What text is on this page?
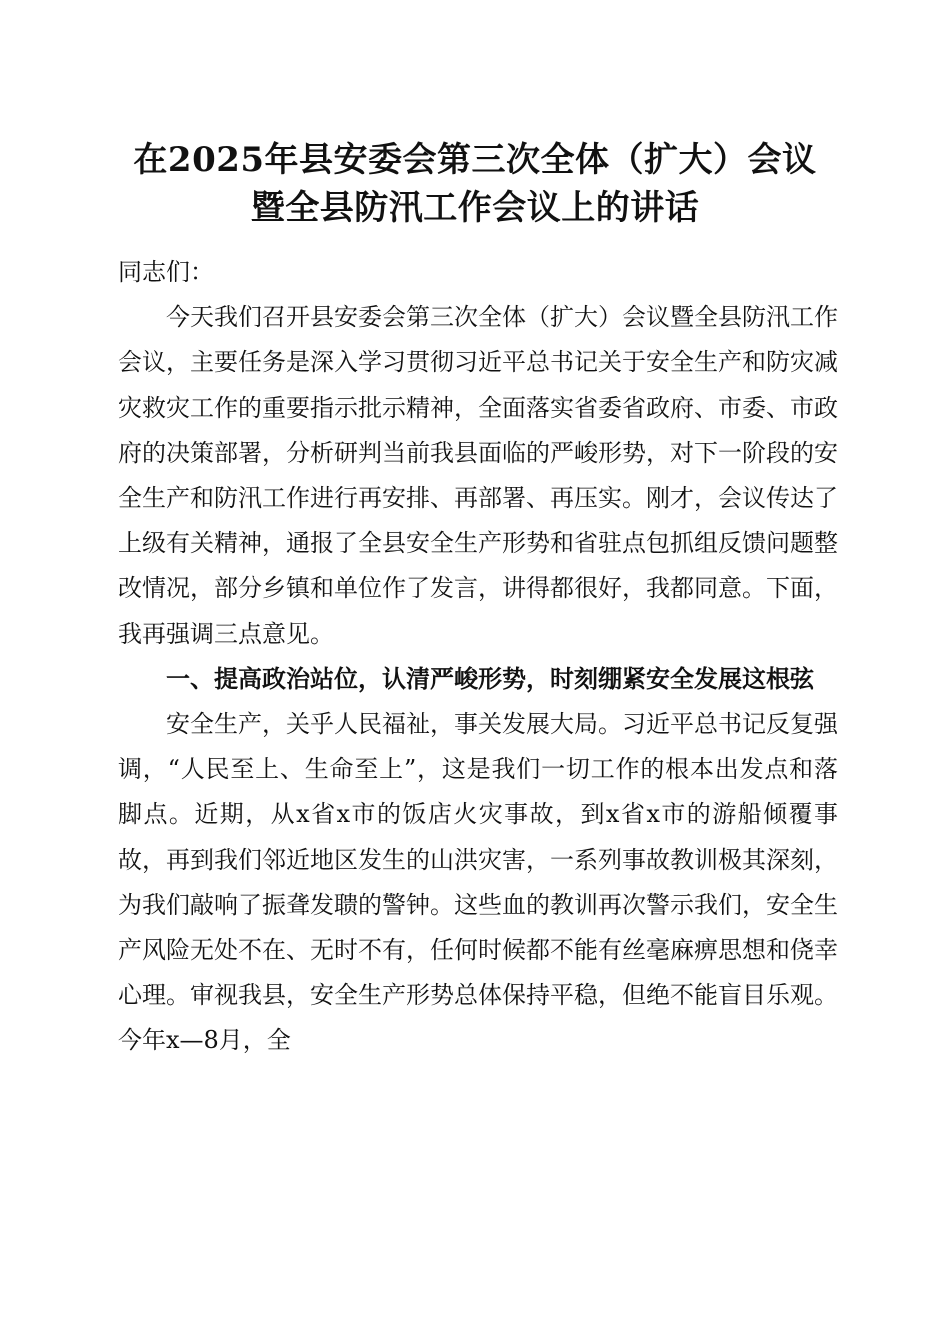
在2025年县安委会第三次全体（扩大）会议
暨全县防汛工作会议上的讲话

同志们：

今天我们召开县安委会第三次全体（扩大）会议暨全县防汛工作会议，主要任务是深入学习贯彻习近平总书记关于安全生产和防灾减灾救灾工作的重要指示批示精神，全面落实省委省政府、市委、市政府的决策部署，分析研判当前我县面临的严峻形势，对下一阶段的安全生产和防汛工作进行再安排、再部署、再压实。刚才，会议传达了上级有关精神，通报了全县安全生产形势和省驻点包抓组反馈问题整改情况，部分乡镇和单位作了发言，讲得都很好，我都同意。下面，我再强调三点意见。

一、提高政治站位，认清严峻形势，时刻绷紧安全发展这根弦

安全生产，关乎人民福祉，事关发展大局。习近平总书记反复强调，“人民至上、生命至上”，这是我们一切工作的根本出发点和落脚点。近期，从x省x市的饭店火灾事故，到x省x市的游船倾覆事故，再到我们邻近地区发生的山洪灾害，一系列事故教训极其深刻，为我们敲响了振聋发聩的警钟。这些血的教训再次警示我们，安全生产风险无处不在、无时不有，任何时候都不能有丝毫麻痹思想和侥幸心理。审视我县，安全生产形势总体保持平稳，但绝不能盲目乐观。今年x—8月，全
